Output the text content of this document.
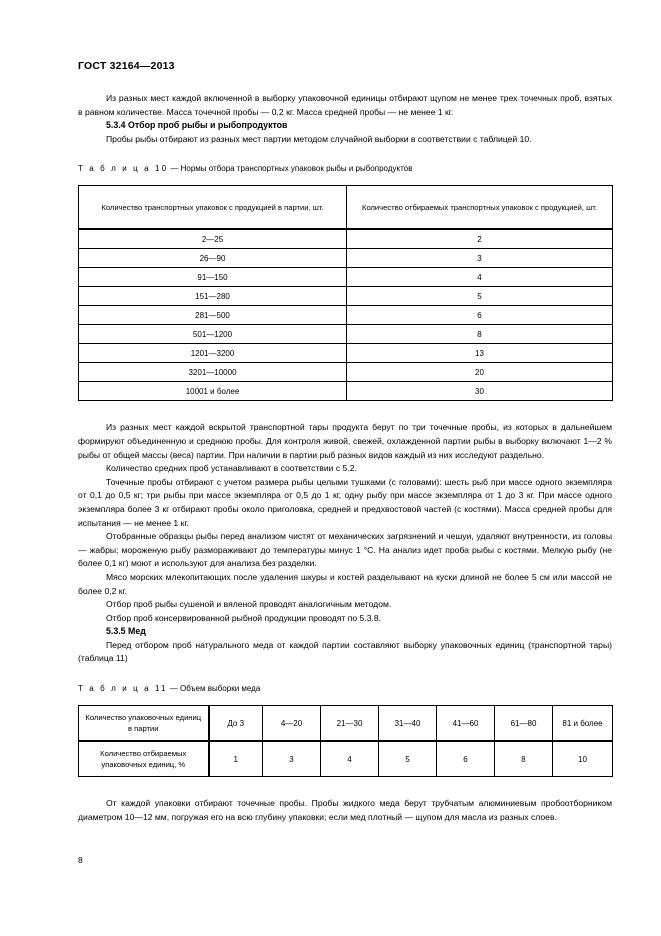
ГОСТ 32164—2013

Из разных мест каждой включенной в выборку упаковочной единицы отбирают щупом не менее трех точечных проб, взятых в равном количестве. Масса точечной пробы — 0,2 кг. Масса средней пробы — не менее 1 кг.

5.3.4 Отбор проб рыбы и рыбопродуктов

Пробы рыбы отбирают из разных мест партии методом случайной выборки в соответствии с таблицей 10.

Т а б л и ц а 10 — Нормы отбора транспортных упаковок рыбы и рыбопродуктов

Количество транспортных упаковок с продукцией в партии, шт.	Количество отбираемых транспортных упаковок с продукцией, шт.
2—25	2
26—90	3
91—150	4
151—280	5
281—500	6
501—1200	8
1201—3200	13
3201—10000	20
10001 и более	30

Из разных мест каждой вскрытой транспортной тары продукта берут по три точечные пробы, из которых в дальнейшем формируют объединенную и среднюю пробы. Для контроля живой, свежей, охлажденной партии рыбы в выборку включают 1—2 % рыбы от общей массы (веса) партии. При наличии в партии рыб разных видов каждый из них исследуют раздельно.

Количество средних проб устанавливают в соответствии с 5.2.

Точечные пробы отбирают с учетом размера рыбы целыми тушками (с головами): шесть рыб при массе одного экземпляра от 0,1 до 0,5 кг; три рыбы при массе экземпляра от 0,5 до 1 кг, одну рыбу при массе экземпляра от 1 до 3 кг. При массе одного экземпляра более 3 кг отбирают пробы около приголовка, средней и предхвостовой частей (с костями). Масса средней пробы для испытания — не менее 1 кг.

Отобранные образцы рыбы перед анализом чистят от механических загрязнений и чешуи, удаляют внутренности, из головы — жабры; мороженую рыбу размораживают до температуры минус 1 °C. На анализ идет проба рыбы с костями. Мелкую рыбу (не более 0,1 кг) моют и используют для анализа без разделки.

Мясо морских млекопитающих после удаления шкуры и костей разделывают на куски длиной не более 5 см или массой не более 0,2 кг.

Отбор проб рыбы сушеной и вяленой проводят аналогичным методом.

Отбор проб консервированной рыбной продукции проводят по 5.3.8.

5.3.5 Мед

Перед отбором проб натурального меда от каждой партии составляют выборку упаковочных единиц (транспортной тары) (таблица 11)

Т а б л и ц а 11 — Объем выборки меда

Количество упаковочных единиц в партии	До 3	4—20	21—30	31—40	41—60	61—80	81 и более
Количество отбираемых упаковочных единиц, %	1	3	4	5	6	8	10

От каждой упаковки отбирают точечные пробы. Пробы жидкого меда берут трубчатым алюминиевым пробоотборником диаметром 10—12 мм, погружая его на всю глубину упаковки; если мед плотный — щупом для масла из разных слоев.

8
